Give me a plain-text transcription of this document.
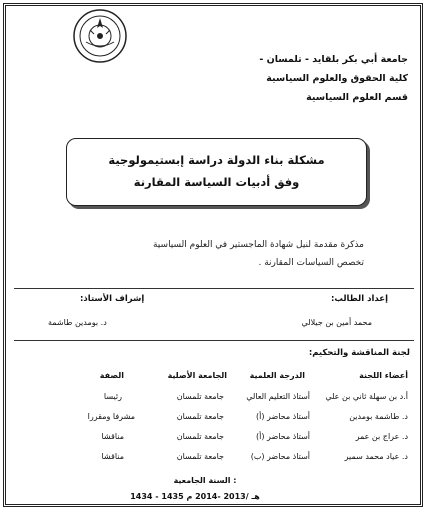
.	جامعة أبي بكر بلقايد - تلمسان -
كلية الحقوق والعلوم السياسية
قسم العلوم السياسية
مشكلة بناء الدولة دراسة إبستيمولوجية
وفق أدبيات السياسة المقارنة
مذكرة مقدمة لنيل شهادة الماجستير في العلوم السياسية
تخصص السياسات المقارنة .
إعداد الطالب:
محمد أمين بن جيلالي
إشراف الأستاذ:
د. بومدين طاشمة
لجنة المناقشة والتحكيم:
أعضاء اللجنة
الدرجة العلمية
الجامعة الأصلية
الصفة
أ.د بن سهلة ثاني بن علي
أستاذ التعليم العالي
جامعة تلمسان
رئيسا
د. طاشمة بومدين
أستاذ محاضر (أ)
جامعة تلمسان
مشرفا ومقررا
د. عراج بن عمر
أستاذ محاضر (أ)
جامعة تلمسان
مناقشا
د. عياد محمد سمير
أستاذ محاضر (ب)
جامعة تلمسان
مناقشا
السنة الجامعية :
1434 - 1435 هـ /2013 -2014 م
